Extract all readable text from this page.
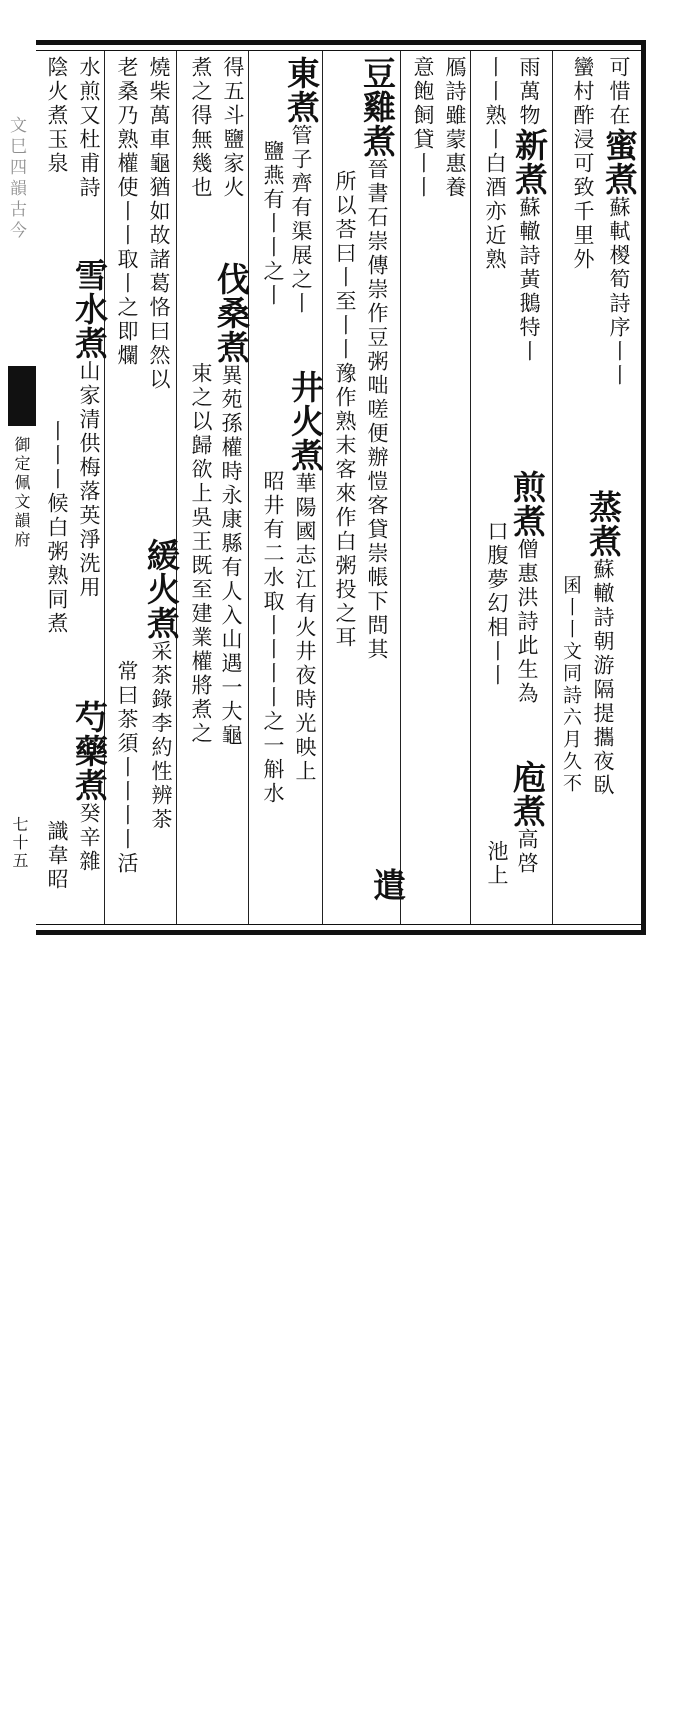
文巳四韻古今
御定佩文韻府
七十五
可惜在蜜煮蘇軾椶筍詩序丨丨
蠻村酢浸可致千里外
蒸煮蘇轍詩朝游隔提攜夜臥
雨萬物新煮蘇轍詩黃鵝特丨
囷丨丨文同詩六月久不
丨丨熟丨白酒亦近熟
煎煮僧惠洪詩此生為
口腹夢幻相丨丨
庖煮高啓
池上
鴈詩雖蒙惠養
意飽飼貸丨丨
豆雞煮晉書石崇傳崇作豆粥咄嗟便辦愷客貸崇帳下問其
所以荅曰丨至丨丨豫作熟末客來作白粥投之耳
遣
東煮管子齊有渠展之丨
鹽燕有丨丨之丨
井火煮華陽國志江有火井夜時光映上
昭井有二水取丨丨丨丨之一斛水
得五斗鹽家火
煮之得無幾也
伐桑煮異苑孫權時永康縣有人入山遇一大龜
束之以歸欲上吳王既至建業權將煮之
燒柴萬車龜猶如故諸葛恪曰然以
老桑乃熟權使丨丨取丨之即爛
緩火煮采茶錄李約性辨茶
常曰茶須丨丨丨丨活
水煎又杜甫詩
雪水煮山家清供梅落英淨洗用
陰火煮玉泉
丨丨丨候白粥熟同煮
芍藥煮癸辛雜
識韋昭
